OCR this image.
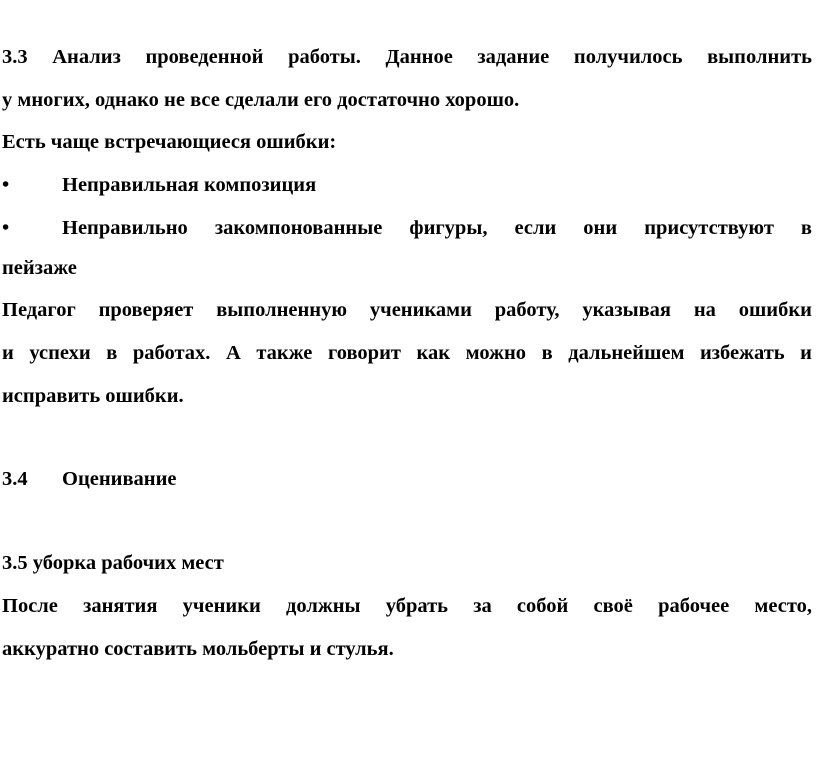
3.3 Анализ проведенной работы. Данное задание получилось выполнить
у многих, однако не все сделали его достаточно хорошо.
Есть чаще встречающиеся ошибки:
•	Неправильная композиция
•	Неправильно закомпонованные фигуры, если они присутствуют в
пейзаже
Педагог проверяет выполненную учениками работу, указывая на ошибки
и успехи в работах. А также говорит как можно в дальнейшем избежать и
исправить ошибки.
3.4 Оценивание
3.5 уборка рабочих мест
После занятия ученики должны убрать за собой своё рабочее место,
аккуратно составить мольберты и стулья.
